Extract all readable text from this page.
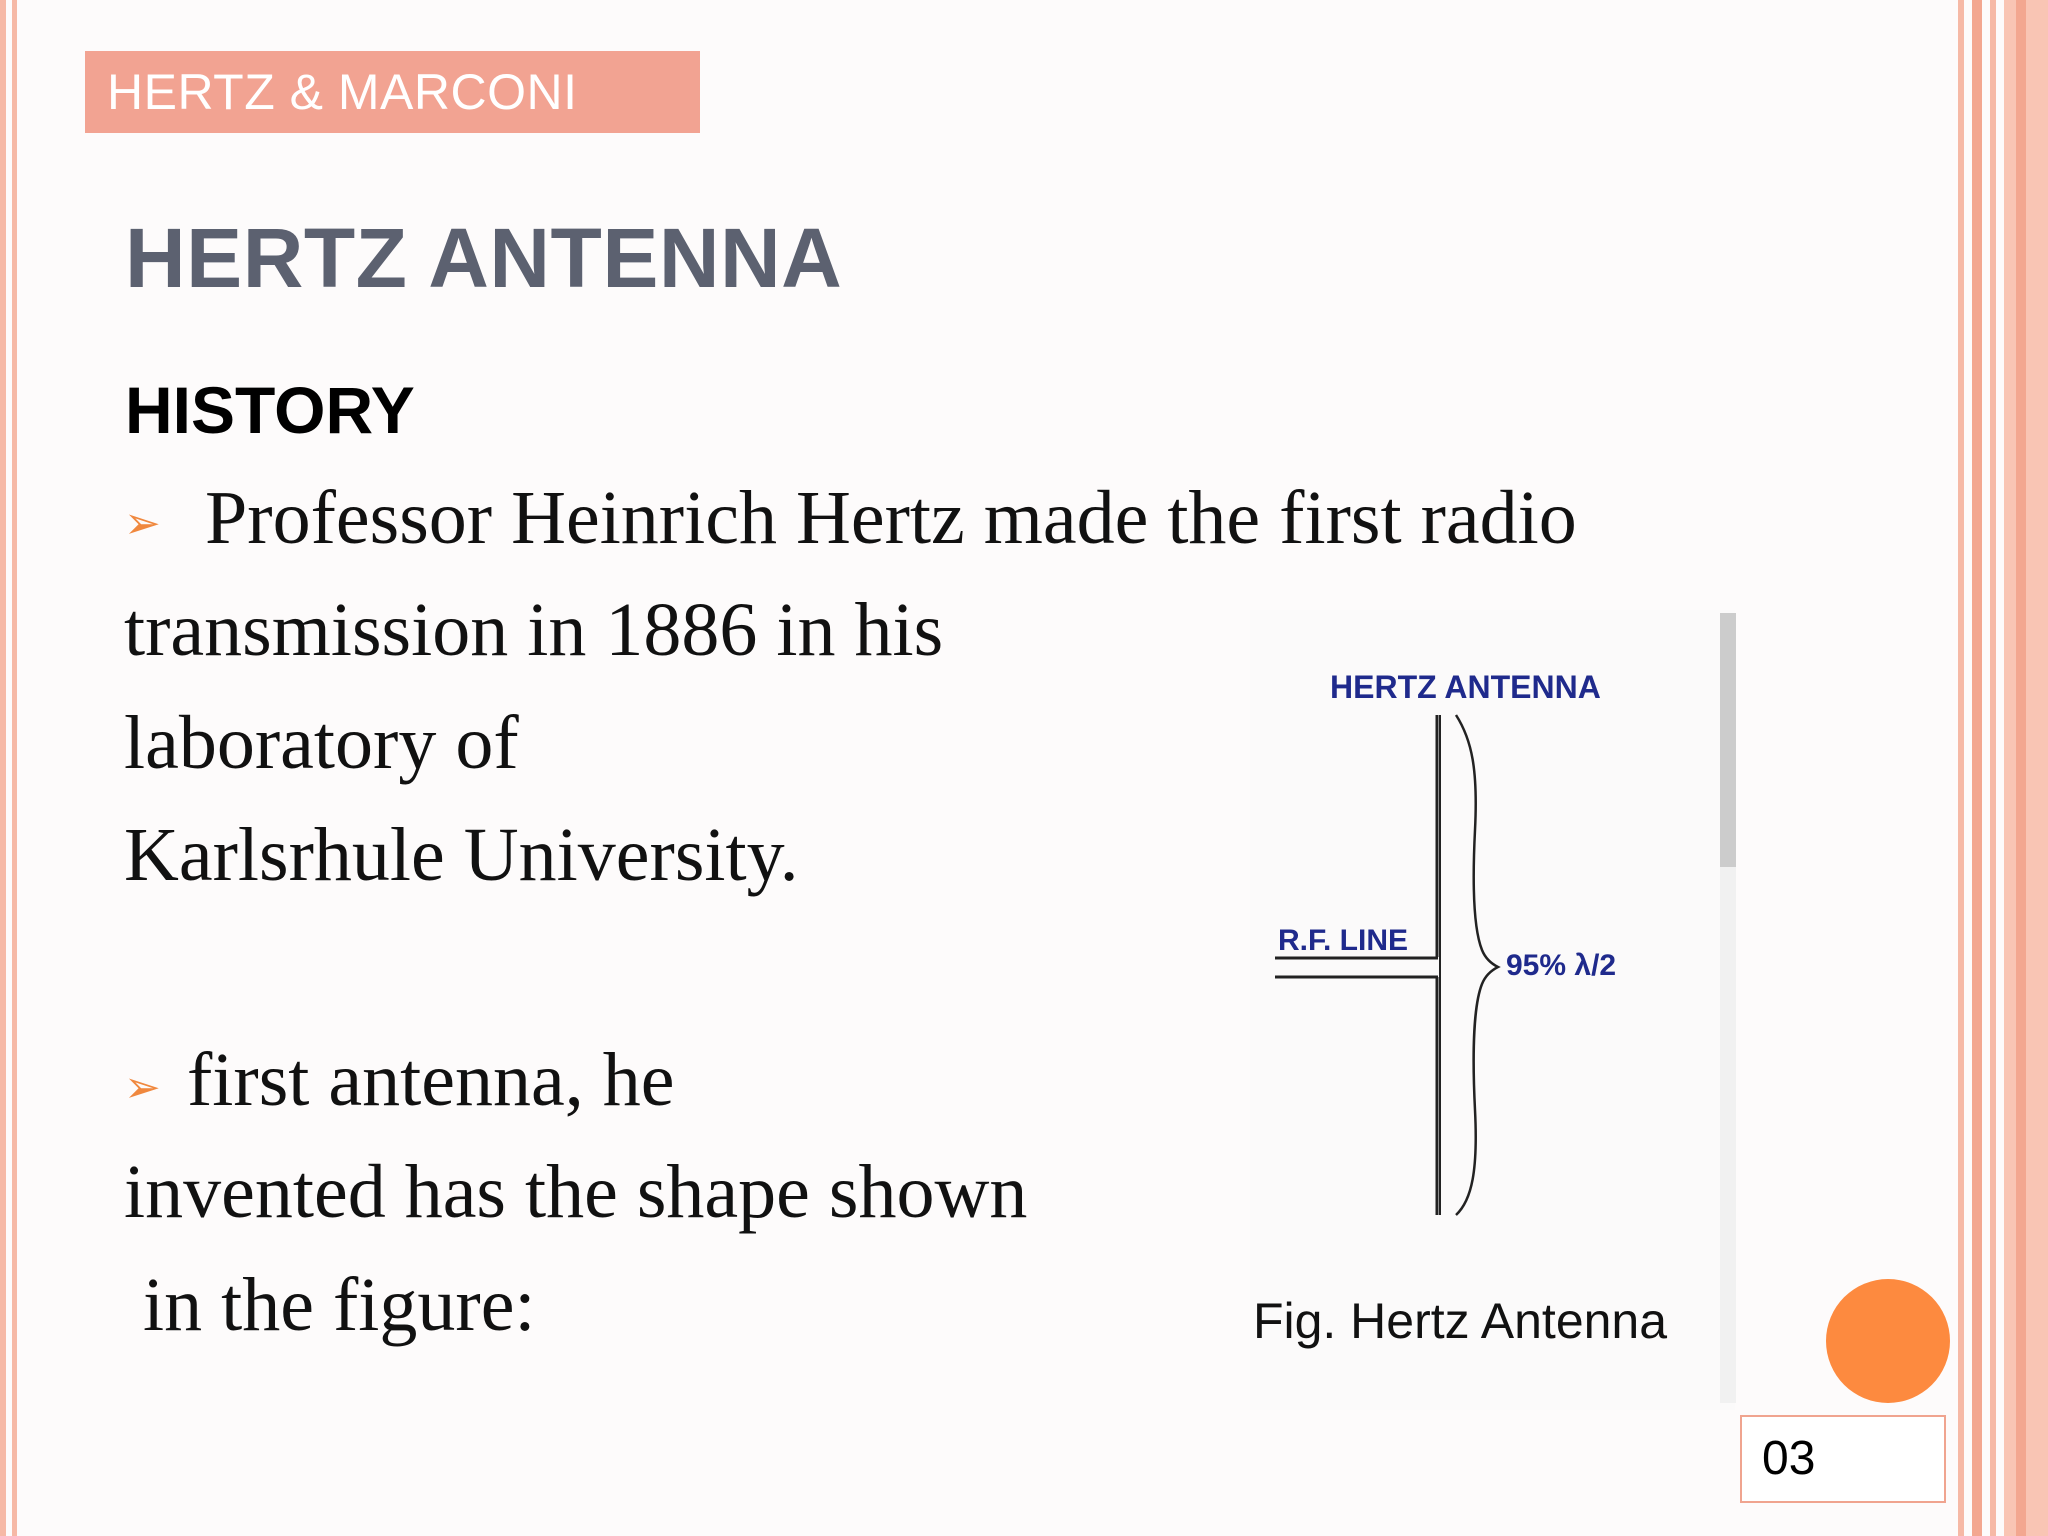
HERTZ & MARCONI
HERTZ ANTENNA
HISTORY
➢ Professor Heinrich Hertz made the first radio
transmission in 1886 in his
laboratory of
Karlsrhule University.
➢ first antenna, he
invented has the shape shown
in the figure:
HERTZ ANTENNA
R.F. LINE
95% λ/2
Fig. Hertz Antenna
03
